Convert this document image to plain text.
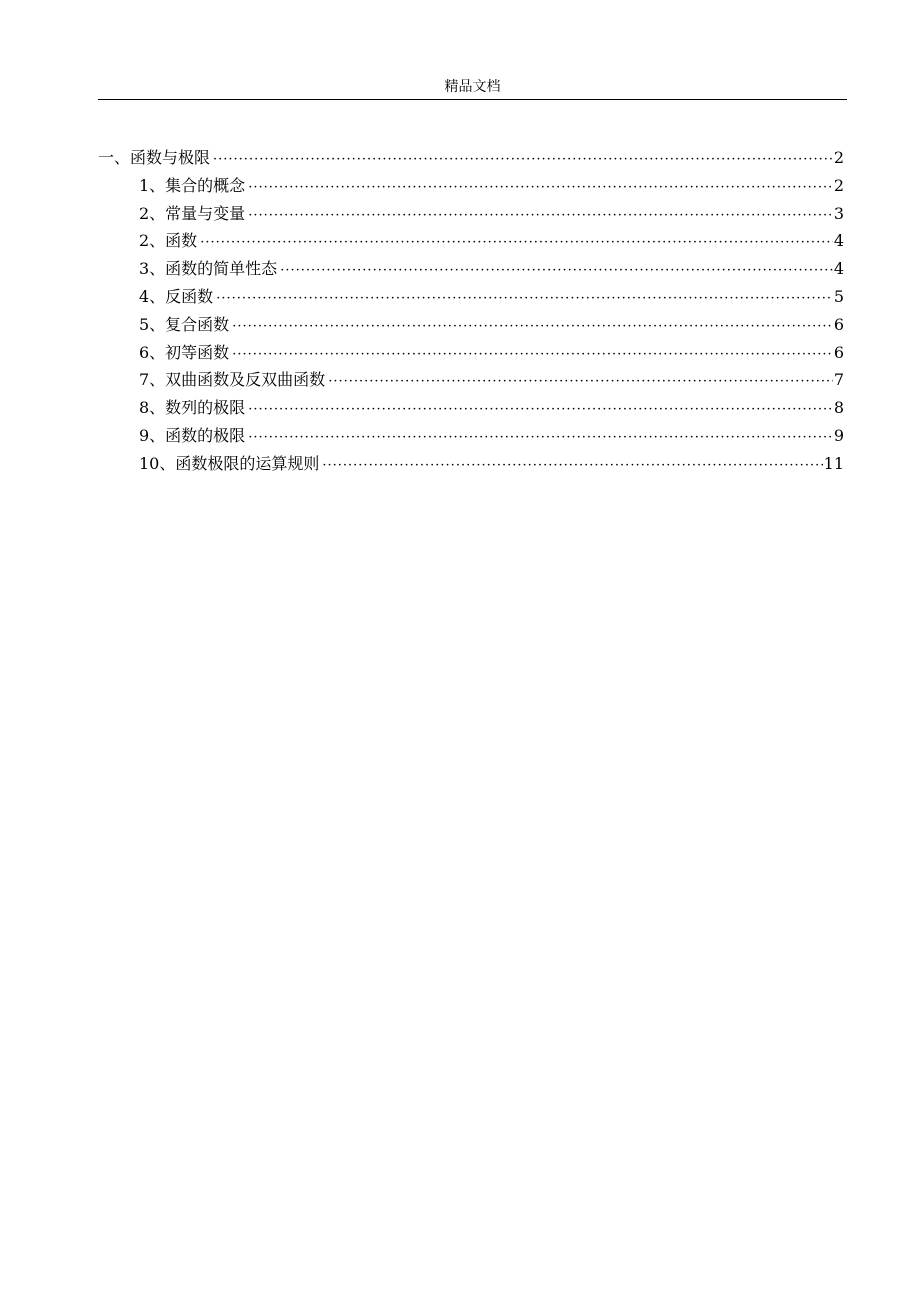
精品文档
一、函数与极限 ·····	2
1、集合的概念 ·····	2
2、常量与变量 ·····	3
2、函数 ·····	4
3、函数的简单性态 ·····	4
4、反函数 ·····	5
5、复合函数 ·····	6
6、初等函数 ·····	6
7、双曲函数及反双曲函数 ·····	7
8、数列的极限 ·····	8
9、函数的极限 ·····	9
10、函数极限的运算规则 ·····	11
